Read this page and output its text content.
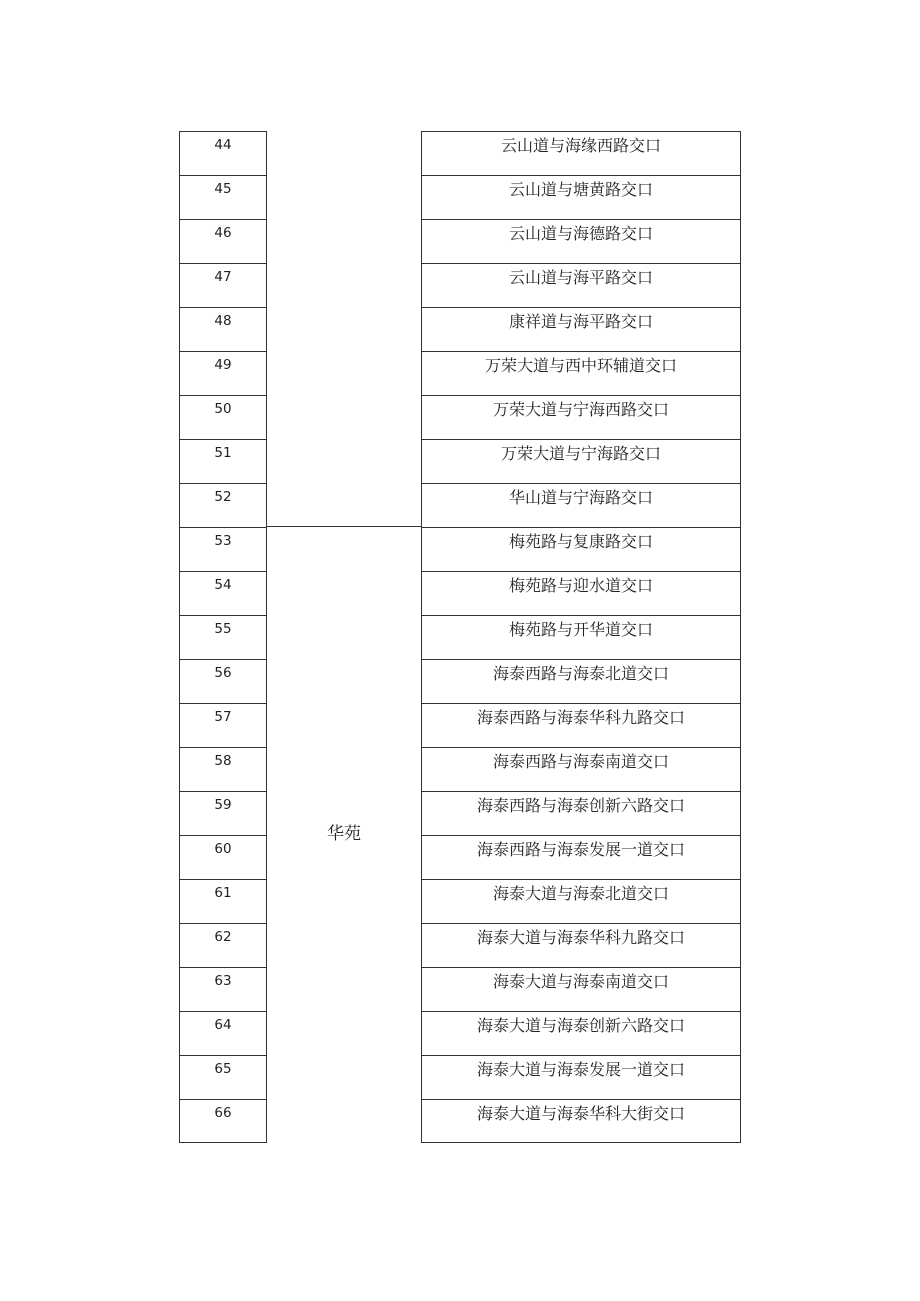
华苑
44	云山道与海缘西路交口
45	云山道与塘黄路交口
46	云山道与海德路交口
47	云山道与海平路交口
48	康祥道与海平路交口
49	万荣大道与西中环辅道交口
50	万荣大道与宁海西路交口
51	万荣大道与宁海路交口
52	华山道与宁海路交口
53	梅苑路与复康路交口
54	梅苑路与迎水道交口
55	梅苑路与开华道交口
56	海泰西路与海泰北道交口
57	海泰西路与海泰华科九路交口
58	海泰西路与海泰南道交口
59	海泰西路与海泰创新六路交口
60	海泰西路与海泰发展一道交口
61	海泰大道与海泰北道交口
62	海泰大道与海泰华科九路交口
63	海泰大道与海泰南道交口
64	海泰大道与海泰创新六路交口
65	海泰大道与海泰发展一道交口
66	海泰大道与海泰华科大街交口
